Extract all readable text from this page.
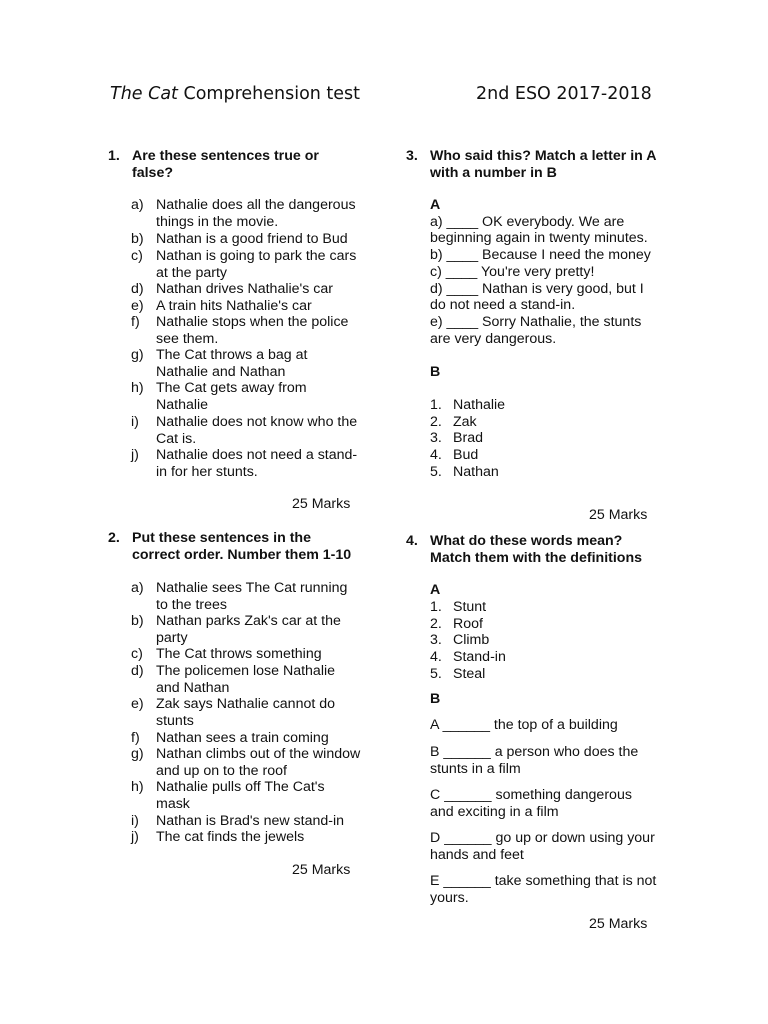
The Cat Comprehension test	2nd ESO 2017-2018
1. Are these sentences true or
false?
a) Nathalie does all the dangerous
things in the movie.
b) Nathan is a good friend to Bud
c) Nathan is going to park the cars
at the party
d) Nathan drives Nathalie's car
e) A train hits Nathalie's car
f) Nathalie stops when the police
see them.
g) The Cat throws a bag at
Nathalie and Nathan
h) The Cat gets away from
Nathalie
i) Nathalie does not know who the
Cat is.
j) Nathalie does not need a stand-
in for her stunts.
25 Marks
2. Put these sentences in the
correct order. Number them 1-10
a) Nathalie sees The Cat running
to the trees
b) Nathan parks Zak's car at the
party
c) The Cat throws something
d) The policemen lose Nathalie
and Nathan
e) Zak says Nathalie cannot do
stunts
f) Nathan sees a train coming
g) Nathan climbs out of the window
and up on to the roof
h) Nathalie pulls off The Cat's
mask
i) Nathan is Brad's new stand-in
j) The cat finds the jewels
25 Marks
3. Who said this? Match a letter in A
with a number in B
A
a) ____ OK everybody. We are
beginning again in twenty minutes.
b) ____ Because I need the money
c) ____ You're very pretty!
d) ____ Nathan is very good, but I
do not need a stand-in.
e) ____ Sorry Nathalie, the stunts
are very dangerous.
B
1. Nathalie
2. Zak
3. Brad
4. Bud
5. Nathan
25 Marks
4. What do these words mean?
Match them with the definitions
A
1. Stunt
2. Roof
3. Climb
4. Stand-in
5. Steal
B
A ______ the top of a building
B ______ a person who does the
stunts in a film
C ______ something dangerous
and exciting in a film
D ______ go up or down using your
hands and feet
E ______ take something that is not
yours.
25 Marks
